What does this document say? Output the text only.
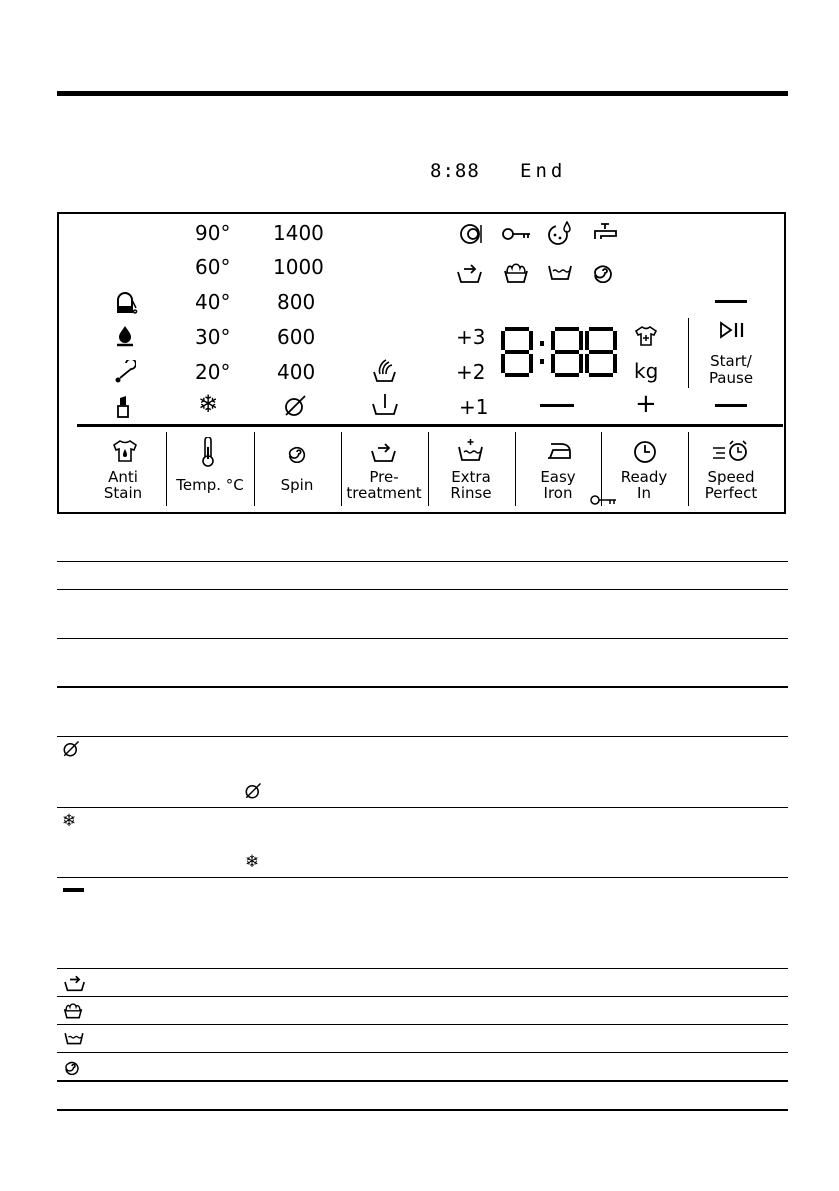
8:88 End
90°
60°
40°
30°
20°
1400
1000
800
600
400
+3
+2
+1
❄
kg
+
Start/
Pause
Anti
Stain	Temp. °C	Spin	Pre-
treatment
Extra
Rinse
Easy
Iron
Ready
In
Speed
Perfect
❄
❄
